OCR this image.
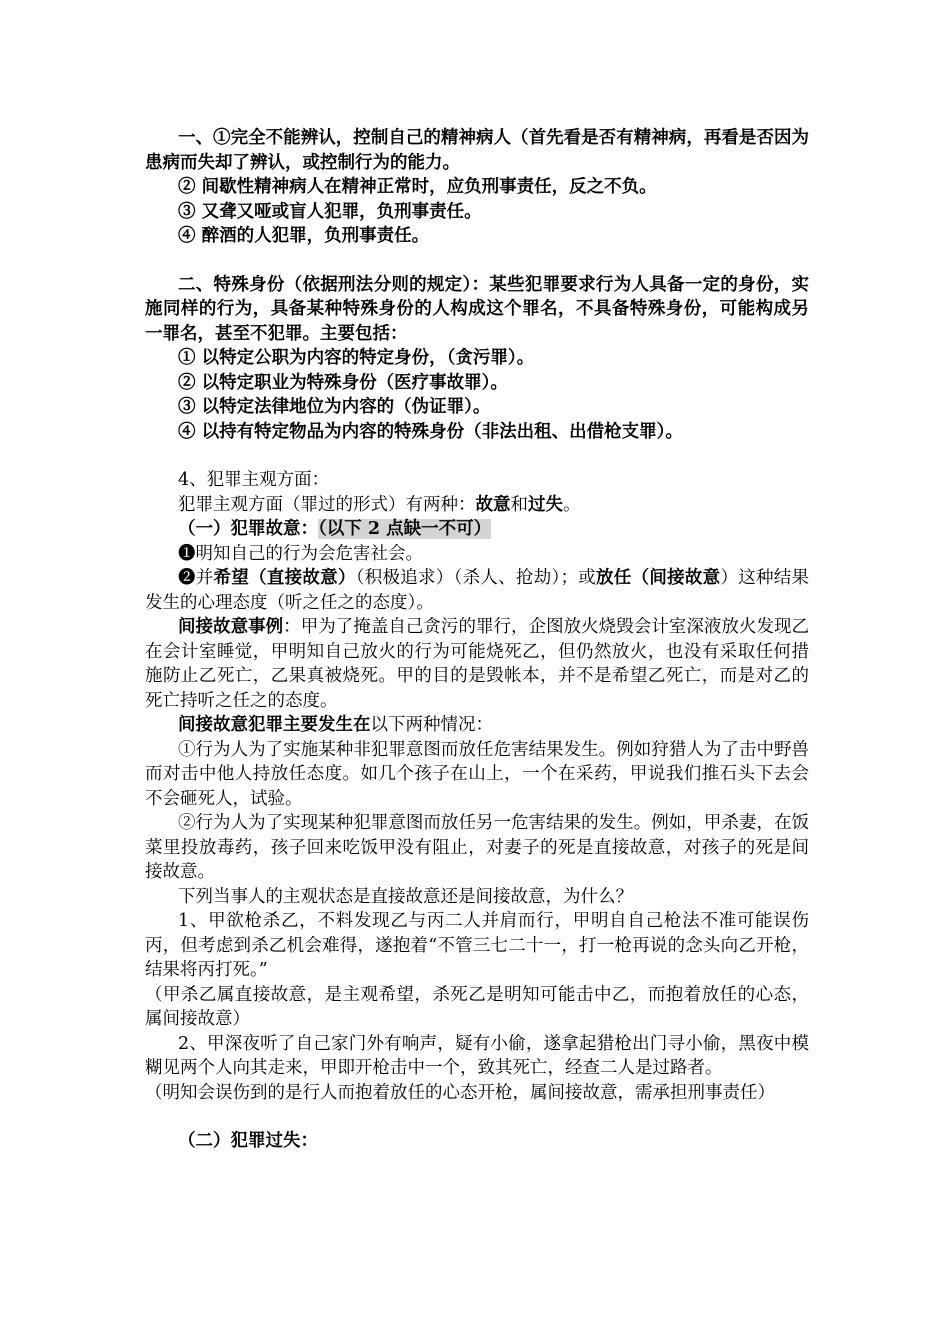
一、①完全不能辨认，控制自己的精神病人（首先看是否有精神病，再看是否因为患病而失却了辨认，或控制行为的能力。

② 间歇性精神病人在精神正常时，应负刑事责任，反之不负。

③ 又聋又哑或盲人犯罪，负刑事责任。

④ 醉酒的人犯罪，负刑事责任。

二、特殊身份（依据刑法分则的规定）：某些犯罪要求行为人具备一定的身份，实施同样的行为，具备某种特殊身份的人构成这个罪名，不具备特殊身份，可能构成另一罪名，甚至不犯罪。主要包括：

① 以特定公职为内容的特定身份，（贪污罪）。

② 以特定职业为特殊身份（医疗事故罪）。

③ 以特定法律地位为内容的（伪证罪）。

④ 以持有特定物品为内容的特殊身份（非法出租、出借枪支罪）。

4、犯罪主观方面：

犯罪主观方面（罪过的形式）有两种：故意和过失。

（一）犯罪故意：（以下 2 点缺一不可）

❶明知自己的行为会危害社会。

❷并希望（直接故意）（积极追求）（杀人、抢劫）；或放任（间接故意）这种结果发生的心理态度（听之任之的态度）。

间接故意事例：甲为了掩盖自己贪污的罪行，企图放火烧毁会计室深液放火发现乙在会计室睡觉，甲明知自己放火的行为可能烧死乙，但仍然放火，也没有采取任何措施防止乙死亡，乙果真被烧死。甲的目的是毁帐本，并不是希望乙死亡，而是对乙的死亡持听之任之的态度。

间接故意犯罪主要发生在以下两种情况：

①行为人为了实施某种非犯罪意图而放任危害结果发生。例如狩猎人为了击中野兽而对击中他人持放任态度。如几个孩子在山上，一个在采药，甲说我们推石头下去会不会砸死人，试验。

②行为人为了实现某种犯罪意图而放任另一危害结果的发生。例如，甲杀妻，在饭菜里投放毒药，孩子回来吃饭甲没有阻止，对妻子的死是直接故意，对孩子的死是间接故意。

下列当事人的主观状态是直接故意还是间接故意，为什么？

1、甲欲枪杀乙，不料发现乙与丙二人并肩而行，甲明自自己枪法不准可能误伤丙，但考虑到杀乙机会难得，遂抱着“不管三七二十一，打一枪再说的念头向乙开枪，结果将丙打死。”

（甲杀乙属直接故意，是主观希望，杀死乙是明知可能击中乙，而抱着放任的心态，属间接故意）

2、甲深夜听了自己家门外有响声，疑有小偷，遂拿起猎枪出门寻小偷，黑夜中模糊见两个人向其走来，甲即开枪击中一个，致其死亡，经查二人是过路者。

（明知会误伤到的是行人而抱着放任的心态开枪，属间接故意，需承担刑事责任）

（二）犯罪过失：
